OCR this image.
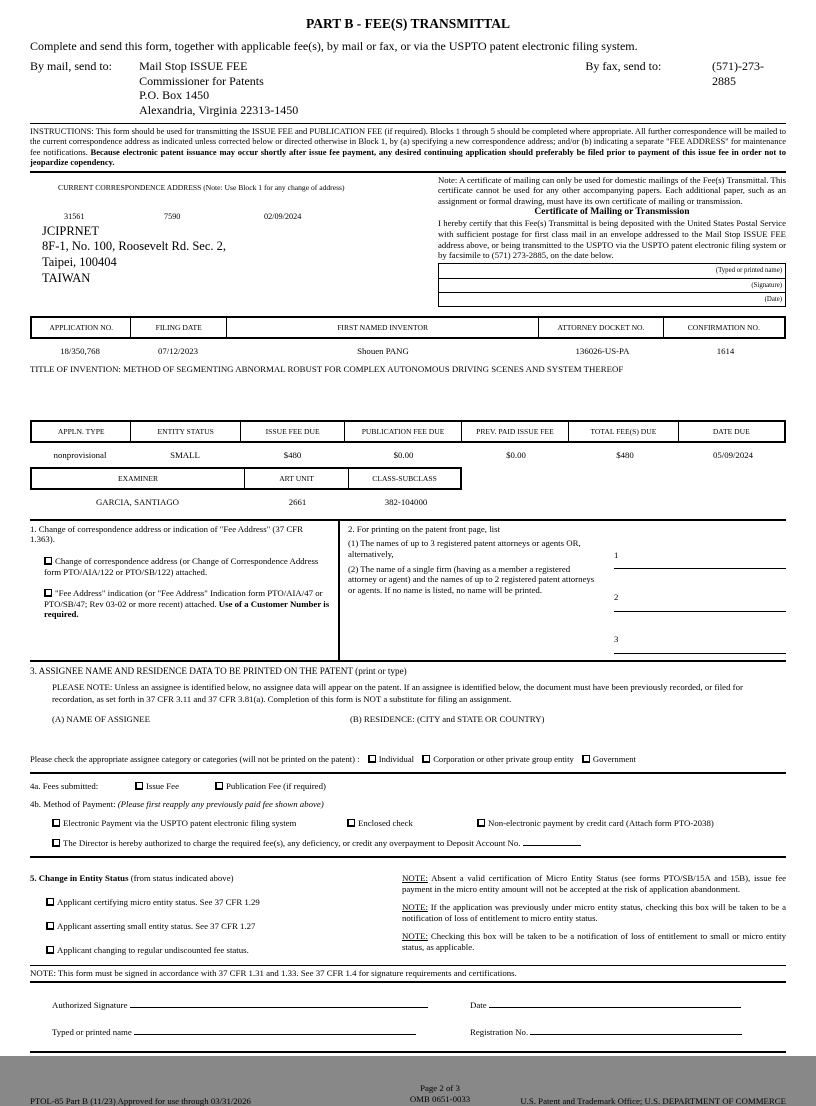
PART B - FEE(S) TRANSMITTAL
Complete and send this form, together with applicable fee(s), by mail or fax, or via the USPTO patent electronic filing system.
By mail, send to:	Mail Stop ISSUE FEE
Commissioner for Patents
P.O. Box 1450
Alexandria, Virginia 22313-1450
By fax, send to:	(571)-273-2885
INSTRUCTIONS: This form should be used for transmitting the ISSUE FEE and PUBLICATION FEE (if required). Blocks 1 through 5 should be completed where appropriate. All further correspondence will be mailed to the current correspondence address as indicated unless corrected below or directed otherwise in Block 1, by (a) specifying a new correspondence address; and/or (b) indicating a separate "FEE ADDRESS" for maintenance fee notifications. Because electronic patent issuance may occur shortly after issue fee payment, any desired continuing application should preferably be filed prior to payment of this issue fee in order not to jeopardize copendency.
CURRENT CORRESPONDENCE ADDRESS (Note: Use Block 1 for any change of address)
31561	7590	02/09/2024
JCIPRNET
8F-1, No. 100, Roosevelt Rd. Sec. 2,
Taipei, 100404
TAIWAN
Note: A certificate of mailing can only be used for domestic mailings of the Fee(s) Transmittal. This certificate cannot be used for any other accompanying papers. Each additional paper, such as an assignment or formal drawing, must have its own certificate of mailing or transmission.
Certificate of Mailing or Transmission
I hereby certify that this Fee(s) Transmittal is being deposited with the United States Postal Service with sufficient postage for first class mail in an envelope addressed to the Mail Stop ISSUE FEE address above, or being transmitted to the USPTO via the USPTO patent electronic filing system or by facsimile to (571) 273-2885, on the date below.
(Typed or printed name)
(Signature)
(Date)
APPLICATION NO.	FILING DATE	FIRST NAMED INVENTOR	ATTORNEY DOCKET NO.	CONFIRMATION NO.
18/350,768	07/12/2023	Shouen PANG	136026-US-PA	1614
TITLE OF INVENTION: METHOD OF SEGMENTING ABNORMAL ROBUST FOR COMPLEX AUTONOMOUS DRIVING SCENES AND SYSTEM THEREOF
APPLN. TYPE	ENTITY STATUS	ISSUE FEE DUE	PUBLICATION FEE DUE	PREV. PAID ISSUE FEE	TOTAL FEE(S) DUE	DATE DUE
nonprovisional	SMALL	$480	$0.00	$0.00	$480	05/09/2024
EXAMINER	ART UNIT	CLASS-SUBCLASS
GARCIA, SANTIAGO	2661	382-104000
1. Change of correspondence address or indication of "Fee Address" (37 CFR 1.363).
Change of correspondence address (or Change of Correspondence Address form PTO/AIA/122 or PTO/SB/122) attached.
"Fee Address" indication (or "Fee Address" Indication form PTO/AIA/47 or PTO/SB/47; Rev 03-02 or more recent) attached. Use of a Customer Number is required.
2. For printing on the patent front page, list
(1) The names of up to 3 registered patent attorneys or agents OR, alternatively,
(2) The name of a single firm (having as a member a registered attorney or agent) and the names of up to 2 registered patent attorneys or agents. If no name is listed, no name will be printed.
1
2
3
3. ASSIGNEE NAME AND RESIDENCE DATA TO BE PRINTED ON THE PATENT (print or type)
PLEASE NOTE: Unless an assignee is identified below, no assignee data will appear on the patent. If an assignee is identified below, the document must have been previously recorded, or filed for recordation, as set forth in 37 CFR 3.11 and 37 CFR 3.81(a). Completion of this form is NOT a substitute for filing an assignment.
(A) NAME OF ASSIGNEE	(B) RESIDENCE: (CITY and STATE OR COUNTRY)
Please check the appropriate assignee category or categories (will not be printed on the patent) : Individual Corporation or other private group entity Government
4a. Fees submitted:	Issue Fee	Publication Fee (if required)
4b. Method of Payment: (Please first reapply any previously paid fee shown above)
Electronic Payment via the USPTO patent electronic filing system	Enclosed check	Non-electronic payment by credit card (Attach form PTO-2038)
The Director is hereby authorized to charge the required fee(s), any deficiency, or credit any overpayment to Deposit Account No.
5. Change in Entity Status (from status indicated above)
Applicant certifying micro entity status. See 37 CFR 1.29
Applicant asserting small entity status. See 37 CFR 1.27
Applicant changing to regular undiscounted fee status.
NOTE: Absent a valid certification of Micro Entity Status (see forms PTO/SB/15A and 15B), issue fee payment in the micro entity amount will not be accepted at the risk of application abandonment.
NOTE: If the application was previously under micro entity status, checking this box will be taken to be a notification of loss of entitlement to micro entity status.
NOTE: Checking this box will be taken to be a notification of loss of entitlement to small or micro entity status, as applicable.
NOTE: This form must be signed in accordance with 37 CFR 1.31 and 1.33. See 37 CFR 1.4 for signature requirements and certifications.
Authorized Signature	Date
Typed or printed name	Registration No.
PTOL-85 Part B (11/23) Approved for use through 03/31/2026
Page 2 of 3
OMB 0651-0033	U.S. Patent and Trademark Office; U.S. DEPARTMENT OF COMMERCE
